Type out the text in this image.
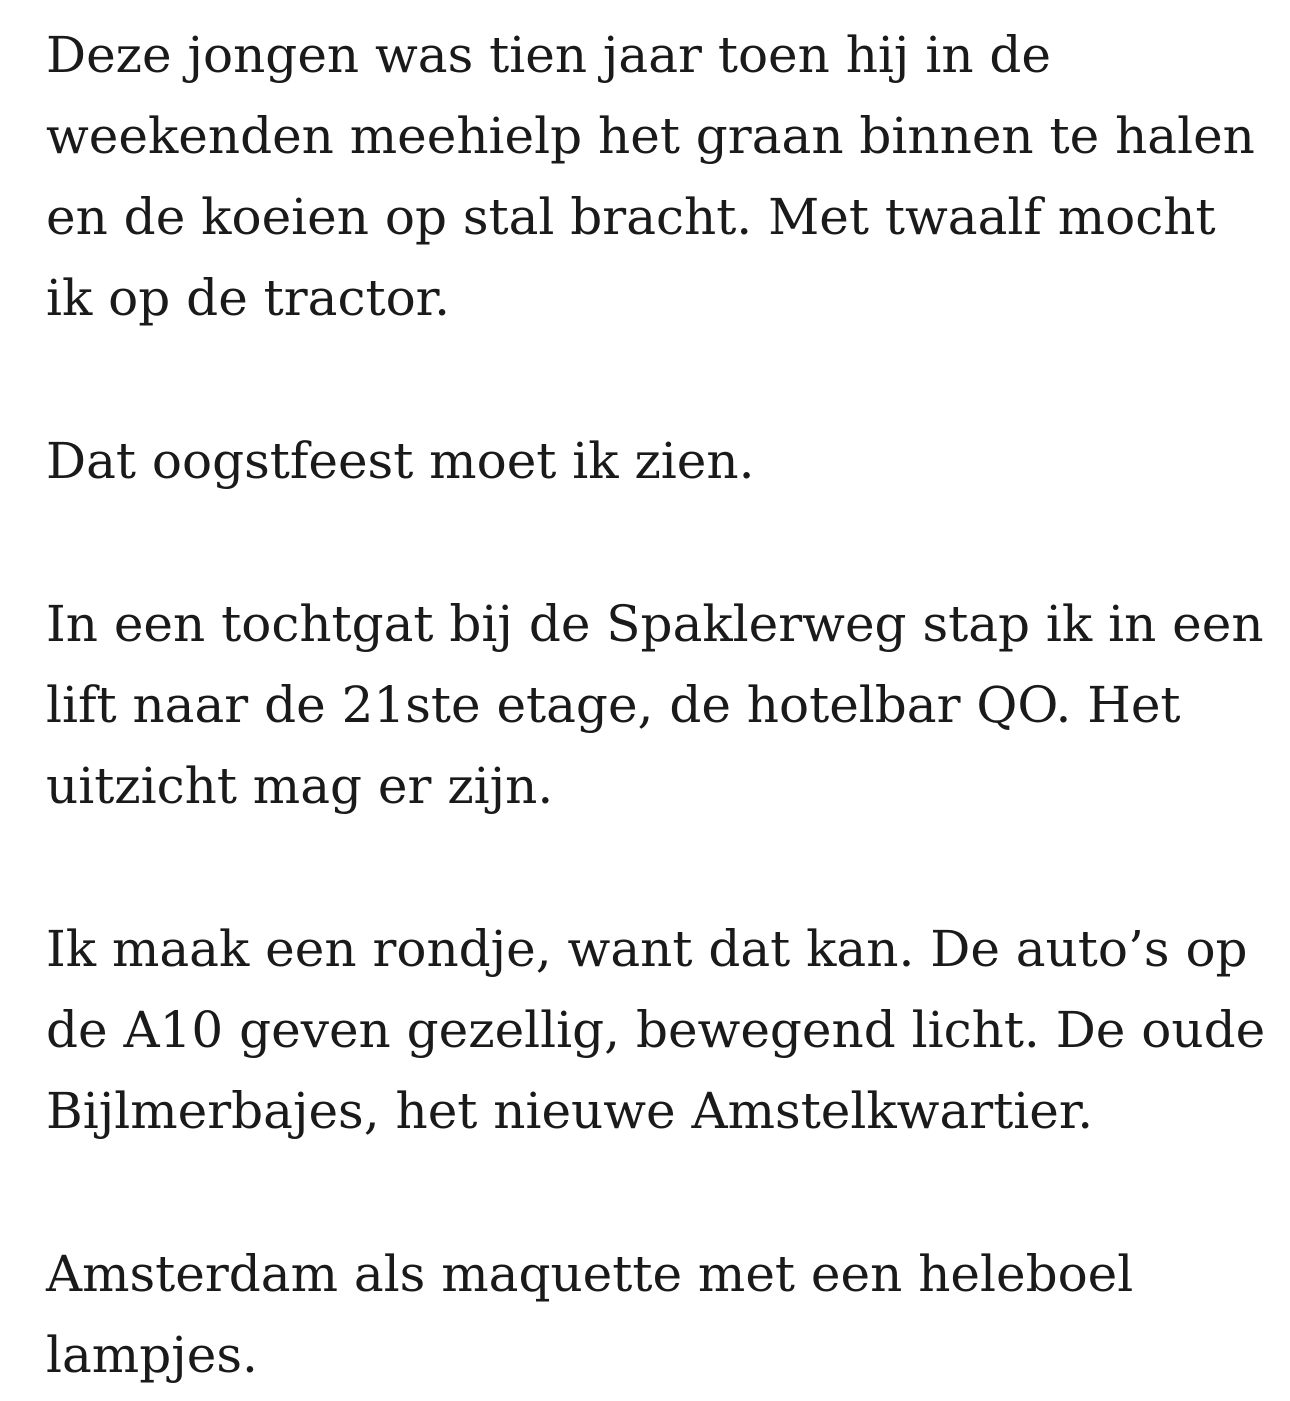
Deze jongen was tien jaar toen hij in de
weekenden meehielp het graan binnen te halen
en de koeien op stal bracht. Met twaalf mocht
ik op de tractor.

Dat oogstfeest moet ik zien.

In een tochtgat bij de Spaklerweg stap ik in een
lift naar de 21ste etage, de hotelbar QO. Het
uitzicht mag er zijn.

Ik maak een rondje, want dat kan. De auto’s op
de A10 geven gezellig, bewegend licht. De oude
Bijlmerbajes, het nieuwe Amstelkwartier.

Amsterdam als maquette met een heleboel
lampjes.
